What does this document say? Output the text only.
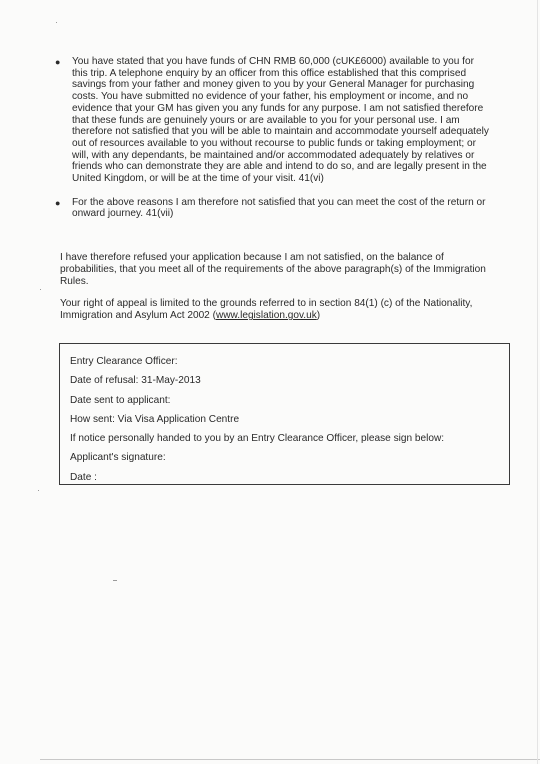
● You have stated that you have funds of CHN RMB 60,000 (cUK£6000) available to you for this trip. A telephone enquiry by an officer from this office established that this comprised savings from your father and money given to you by your General Manager for purchasing costs. You have submitted no evidence of your father, his employment or income, and no evidence that your GM has given you any funds for any purpose. I am not satisfied therefore that these funds are genuinely yours or are available to you for your personal use. I am therefore not satisfied that you will be able to maintain and accommodate yourself adequately out of resources available to you without recourse to public funds or taking employment; or will, with any dependants, be maintained and/or accommodated adequately by relatives or friends who can demonstrate they are able and intend to do so, and are legally present in the United Kingdom, or will be at the time of your visit. 41(vi)
● For the above reasons I am therefore not satisfied that you can meet the cost of the return or onward journey. 41(vii)

I have therefore refused your application because I am not satisfied, on the balance of probabilities, that you meet all of the requirements of the above paragraph(s) of the Immigration Rules.

Your right of appeal is limited to the grounds referred to in section 84(1) (c) of the Nationality, Immigration and Asylum Act 2002 (www.legislation.gov.uk)

Entry Clearance Officer:
Date of refusal: 31-May-2013
Date sent to applicant:
How sent: Via Visa Application Centre
If notice personally handed to you by an Entry Clearance Officer, please sign below:
Applicant's signature:
Date :
